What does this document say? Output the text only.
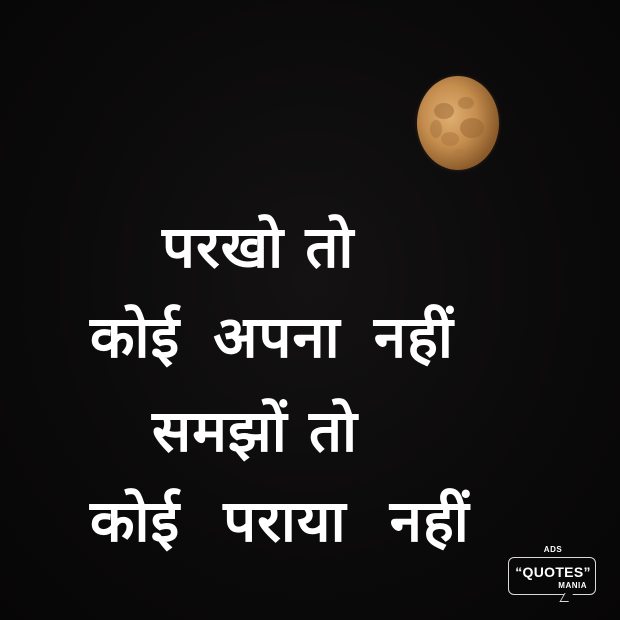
परखो तो
कोई अपना नहीं
समझों तो
कोई पराया नहीं	ADS
“QUOTES”
MANIA
